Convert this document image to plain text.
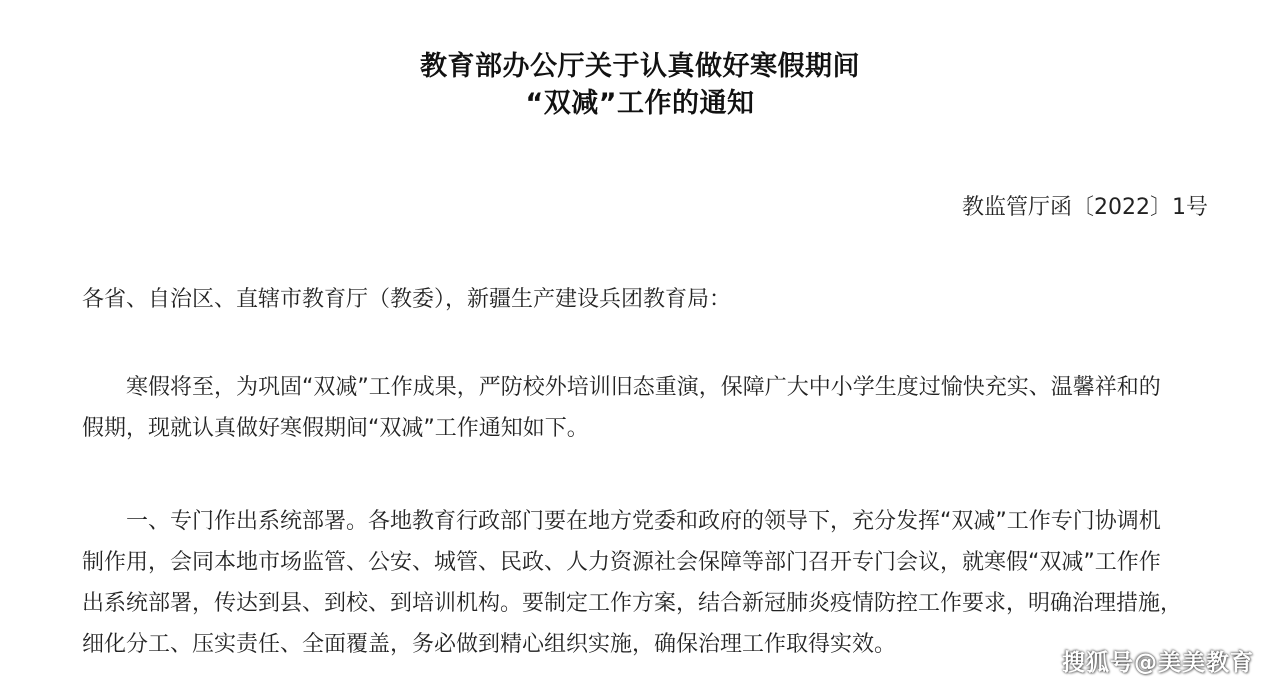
教育部办公厅关于认真做好寒假期间
“双减”工作的通知
教监管厅函〔2022〕1号
各省、自治区、直辖市教育厅（教委），新疆生产建设兵团教育局：
寒假将至，为巩固“双减”工作成果，严防校外培训旧态重演，保障广大中小学生度过愉快充实、温馨祥和的
假期，现就认真做好寒假期间“双减”工作通知如下。
一、专门作出系统部署。各地教育行政部门要在地方党委和政府的领导下，充分发挥“双减”工作专门协调机
制作用，会同本地市场监管、公安、城管、民政、人力资源社会保障等部门召开专门会议，就寒假“双减”工作作
出系统部署，传达到县、到校、到培训机构。要制定工作方案，结合新冠肺炎疫情防控工作要求，明确治理措施，
细化分工、压实责任、全面覆盖，务必做到精心组织实施，确保治理工作取得实效。
搜狐号@美美教育
